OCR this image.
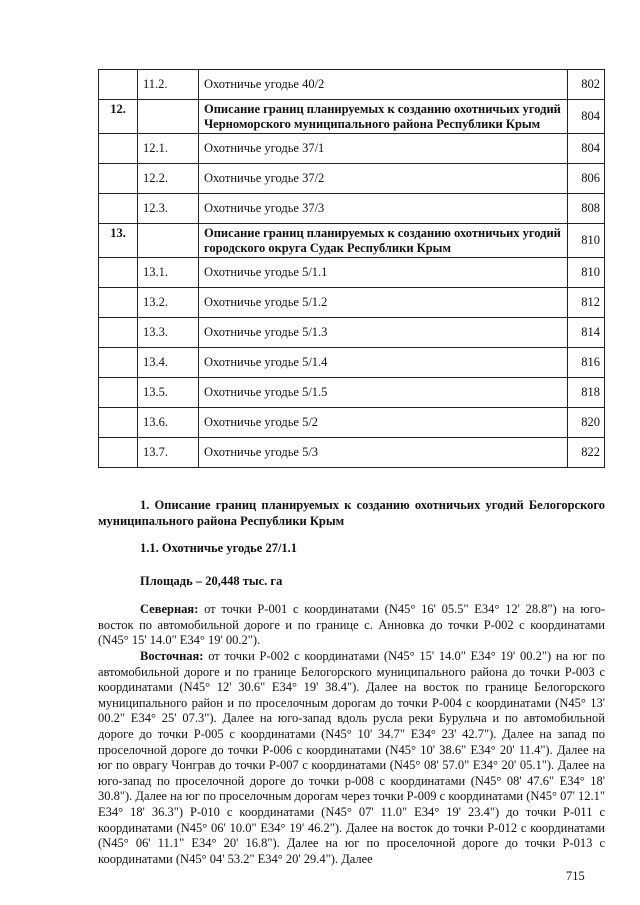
	11.2.	Охотничье угодье 40/2	802
12.		Описание границ планируемых к созданию охотничьих угодий Черноморского муниципального района Республики Крым	804
	12.1.	Охотничье угодье 37/1	804
	12.2.	Охотничье угодье 37/2	806
	12.3.	Охотничье угодье 37/3	808
13.		Описание границ планируемых к созданию охотничьих угодий городского округа Судак Республики Крым	810
	13.1.	Охотничье угодье 5/1.1	810
	13.2.	Охотничье угодье 5/1.2	812
	13.3.	Охотничье угодье 5/1.3	814
	13.4.	Охотничье угодье 5/1.4	816
	13.5.	Охотничье угодье 5/1.5	818
	13.6.	Охотничье угодье 5/2	820
	13.7.	Охотничье угодье 5/3	822
1. Описание границ планируемых к созданию охотничьих угодий Белогорского муниципального района Республики Крым
1.1. Охотничье угодье 27/1.1
Площадь – 20,448 тыс. га
Северная: от точки Р-001 с координатами (N45° 16' 05.5" E34° 12' 28.8") на юго-восток по автомобильной дороге и по границе с. Анновка до точки Р-002 с координатами (N45° 15' 14.0" E34° 19' 00.2").
Восточная: от точки Р-002 с координатами (N45° 15' 14.0" E34° 19' 00.2") на юг по автомобильной дороге и по границе Белогорского муниципального района до точки Р-003 с координатами (N45° 12' 30.6" E34° 19' 38.4"). Далее на восток по границе Белогорского муниципального район и по проселочным дорогам до точки Р-004 с координатами (N45° 13' 00.2" E34° 25' 07.3"). Далее на юго-запад вдоль русла реки Бурульча и по автомобильной дороге до точки Р-005 с координатами (N45° 10' 34.7" E34° 23' 42.7"). Далее на запад по проселочной дороге до точки Р-006 с координатами (N45° 10' 38.6" E34° 20' 11.4"). Далее на юг по оврагу Чонграв до точки Р-007 с координатами (N45° 08' 57.0" E34° 20' 05.1"). Далее на юго-запад по проселочной дороге до точки р-008 с координатами (N45° 08' 47.6" E34° 18' 30.8"). Далее на юг по проселочным дорогам через точки Р-009 с координатами (N45° 07' 12.1" E34° 18' 36.3") Р-010 с координатами (N45° 07' 11.0" E34° 19' 23.4") до точки Р-011 с координатами (N45° 06' 10.0" E34° 19' 46.2"). Далее на восток до точки Р-012 с координатами (N45° 06' 11.1" E34° 20' 16.8"). Далее на юг по проселочной дороге до точки Р-013 с координатами (N45° 04' 53.2" E34° 20' 29.4"). Далее
715
